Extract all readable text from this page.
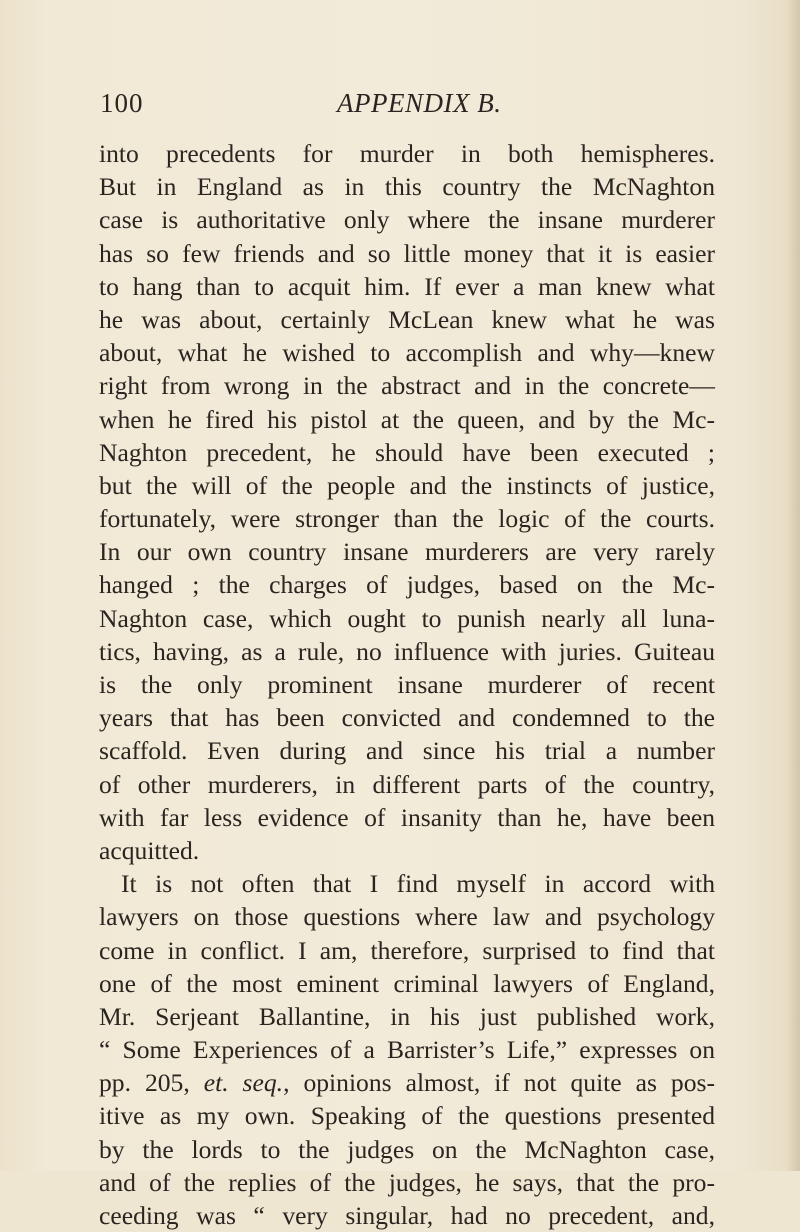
100	APPENDIX B.
into precedents for murder in both hemispheres.
But in England as in this country the McNaghton
case is authoritative only where the insane murderer
has so few friends and so little money that it is easier
to hang than to acquit him. If ever a man knew what
he was about, certainly McLean knew what he was
about, what he wished to accomplish and why—knew
right from wrong in the abstract and in the concrete—
when he fired his pistol at the queen, and by the Mc-
Naghton precedent, he should have been executed ;
but the will of the people and the instincts of justice,
fortunately, were stronger than the logic of the courts.
In our own country insane murderers are very rarely
hanged ; the charges of judges, based on the Mc-
Naghton case, which ought to punish nearly all luna-
tics, having, as a rule, no influence with juries. Guiteau
is the only prominent insane murderer of recent
years that has been convicted and condemned to the
scaffold. Even during and since his trial a number
of other murderers, in different parts of the country,
with far less evidence of insanity than he, have been
acquitted.
It is not often that I find myself in accord with
lawyers on those questions where law and psychology
come in conflict. I am, therefore, surprised to find that
one of the most eminent criminal lawyers of England,
Mr. Serjeant Ballantine, in his just published work,
“ Some Experiences of a Barrister’s Life,” expresses on
pp. 205, et. seq., opinions almost, if not quite as pos-
itive as my own. Speaking of the questions presented
by the lords to the judges on the McNaghton case,
and of the replies of the judges, he says, that the pro-
ceeding was “ very singular, had no precedent, and,
